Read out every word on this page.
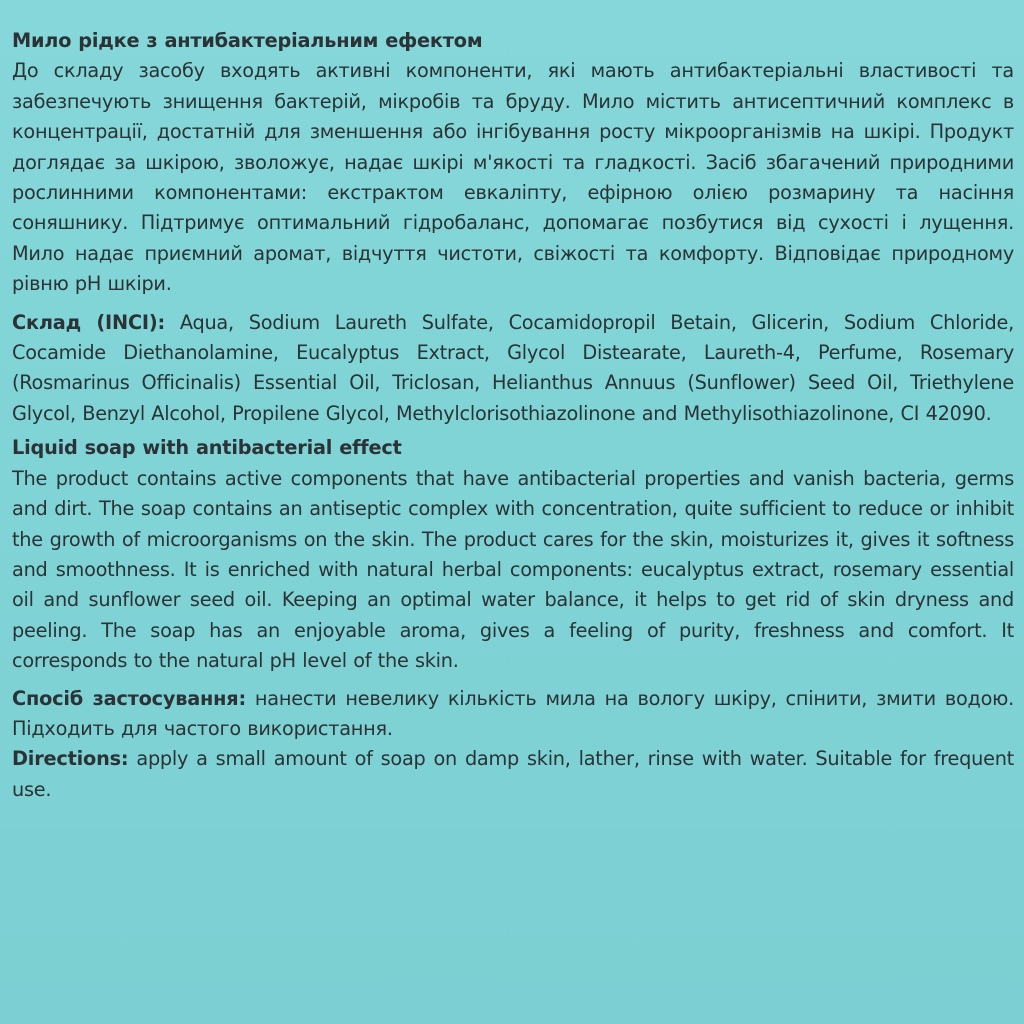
Мило рідке з антибактеріальним ефектом

До складу засобу входять активні компоненти, які мають антибактеріальні властивості та забезпечують знищення бактерій, мікробів та бруду. Мило містить антисептичний комплекс в концентрації, достатній для зменшення або інгібування росту мікроорганізмів на шкірі. Продукт доглядає за шкірою, зволожує, надає шкірі м'якості та гладкості. Засіб збагачений природними рослинними компонентами: екстрактом евкаліпту, ефірною олією розмарину та насіння соняшнику. Підтримує оптимальний гідробаланс, допомагає позбутися від сухості і лущення. Мило надає приємний аромат, відчуття чистоти, свіжості та комфорту. Відповідає природному рівню pH шкіри.

Склад (INCI): Aqua, Sodium Laureth Sulfate, Cocamidopropil Betain, Glicerin, Sodium Chloride, Cocamide Diethanolamine, Eucalyptus Extract, Glycol Distearate, Laureth-4, Perfume, Rosemary (Rosmarinus Officinalis) Essential Oil, Triclosan, Helianthus Annuus (Sunflower) Seed Oil, Triethylene Glycol, Benzyl Alcohol, Propilene Glycol, Methylclorisothiazolinone and Methylisothiazolinone, CI 42090.

Liquid soap with antibacterial effect

The product contains active components that have antibacterial properties and vanish bacteria, germs and dirt. The soap contains an antiseptic complex with concentration, quite sufficient to reduce or inhibit the growth of microorganisms on the skin. The product cares for the skin, moisturizes it, gives it softness and smoothness. It is enriched with natural herbal components: eucalyptus extract, rosemary essential oil and sunflower seed oil. Keeping an optimal water balance, it helps to get rid of skin dryness and peeling. The soap has an enjoyable aroma, gives a feeling of purity, freshness and comfort. It corresponds to the natural pH level of the skin.

Спосіб застосування: нанести невелику кількість мила на вологу шкіру, спінити, змити водою. Підходить для частого використання.

Directions: apply a small amount of soap on damp skin, lather, rinse with water. Suitable for frequent use.
